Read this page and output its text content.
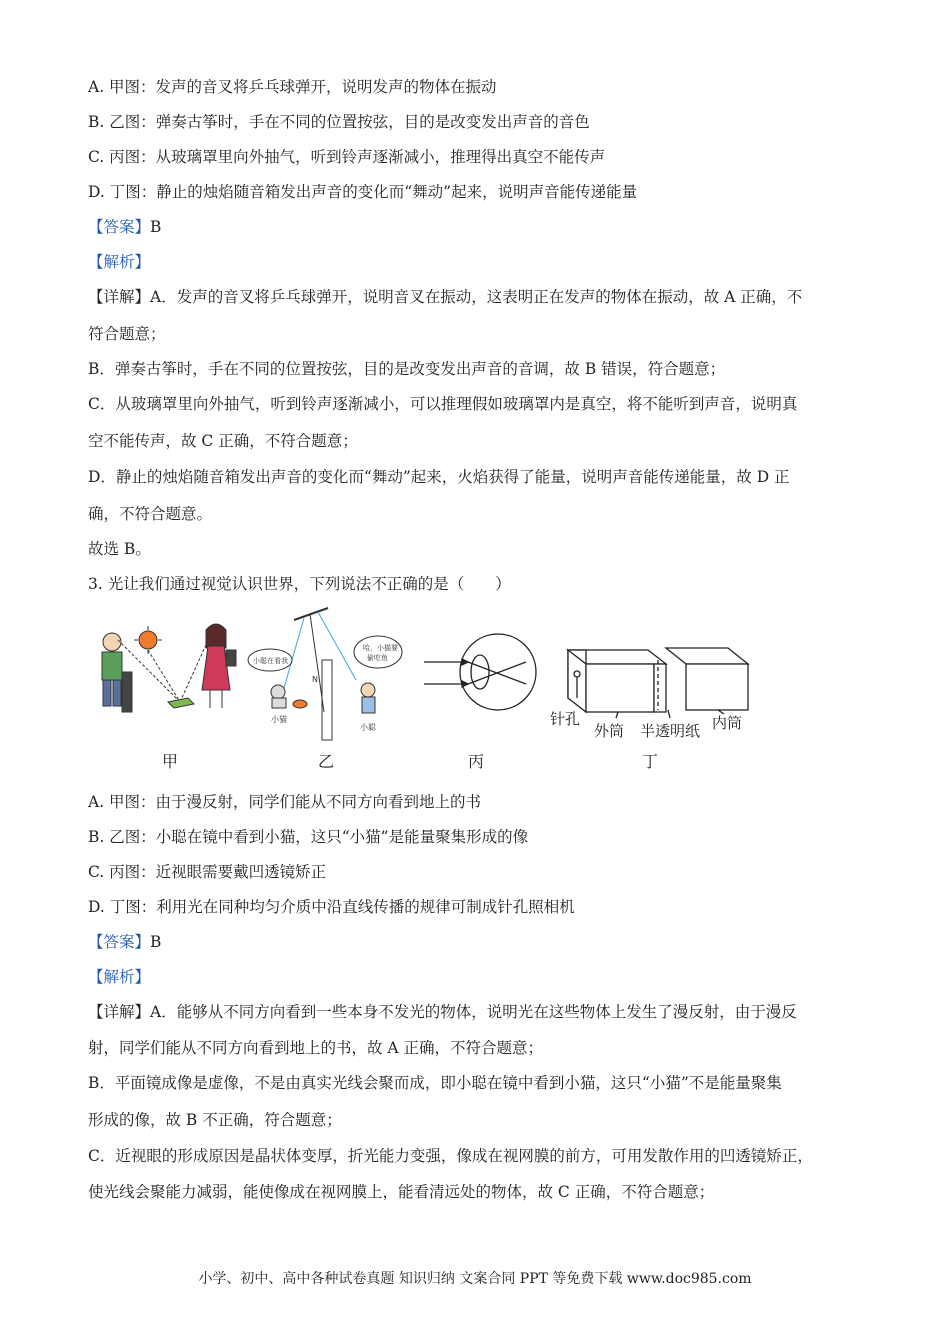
A. 甲图：发声的音叉将乒乓球弹开，说明发声的物体在振动
B. 乙图：弹奏古筝时，手在不同的位置按弦，目的是改变发出声音的音色
C. 丙图：从玻璃罩里向外抽气，听到铃声逐渐减小，推理得出真空不能传声
D. 丁图：静止的烛焰随音箱发出声音的变化而“舞动”起来，说明声音能传递能量
【答案】B
【解析】
【详解】A．发声的音叉将乒乓球弹开，说明音叉在振动，这表明正在发声的物体在振动，故 A 正确，不
符合题意；
B．弹奏古筝时，手在不同的位置按弦，目的是改变发出声音的音调，故 B 错误，符合题意；
C．从玻璃罩里向外抽气，听到铃声逐渐减小，可以推理假如玻璃罩内是真空，将不能听到声音，说明真
空不能传声，故 C 正确，不符合题意；
D．静止的烛焰随音箱发出声音的变化而“舞动”起来，火焰获得了能量，说明声音能传递能量，故 D 正
确，不符合题意。
故选 B。
3. 光让我们通过视觉认识世界，下列说法不正确的是（　　）
小聪在看我
哈，小猫要
偷吃鱼
小猫
N
小聪	针孔
外筒 半透明纸 内筒
甲	乙	丙	丁
A. 甲图：由于漫反射，同学们能从不同方向看到地上的书
B. 乙图：小聪在镜中看到小猫，这只“小猫”是能量聚集形成的像
C. 丙图：近视眼需要戴凹透镜矫正
D. 丁图：利用光在同种均匀介质中沿直线传播的规律可制成针孔照相机
【答案】B
【解析】
【详解】A．能够从不同方向看到一些本身不发光的物体，说明光在这些物体上发生了漫反射，由于漫反
射，同学们能从不同方向看到地上的书，故 A 正确，不符合题意；
B．平面镜成像是虚像，不是由真实光线会聚而成，即小聪在镜中看到小猫，这只“小猫”不是能量聚集
形成的像，故 B 不正确，符合题意；
C．近视眼的形成原因是晶状体变厚，折光能力变强，像成在视网膜的前方，可用发散作用的凹透镜矫正，
使光线会聚能力减弱，能使像成在视网膜上，能看清远处的物体，故 C 正确，不符合题意；
小学、初中、高中各种试卷真题 知识归纳 文案合同 PPT 等免费下载 www.doc985.com
